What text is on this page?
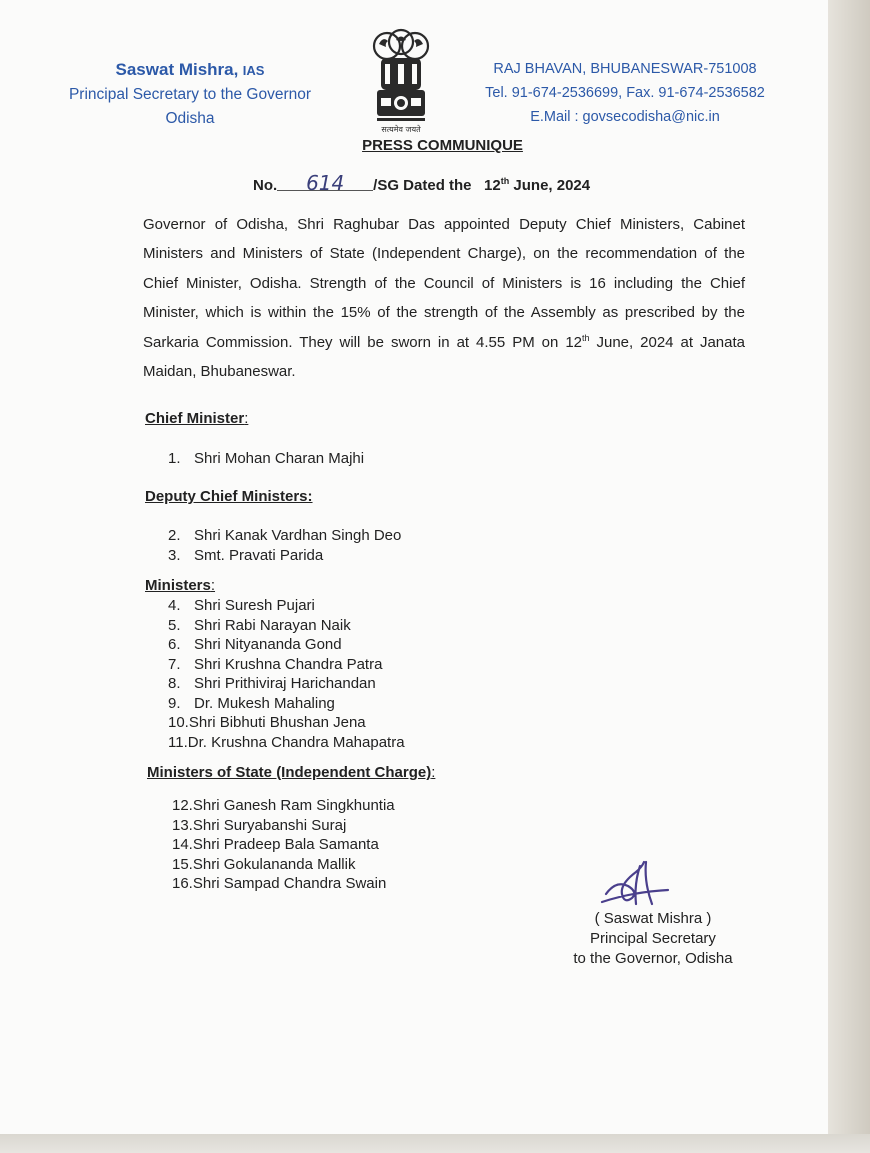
Saswat Mishra, IAS
Principal Secretary to the Governor
Odisha
सत्यमेव जयते
RAJ BHAVAN, BHUBANESWAR-751008
Tel. 91-674-2536699, Fax. 91-674-2536582
E.Mail : govsecodisha@nic.in
PRESS COMMUNIQUE
No. 614 /SG Dated the 12th June, 2024
Governor of Odisha, Shri Raghubar Das appointed Deputy Chief Ministers, Cabinet Ministers and Ministers of State (Independent Charge), on the recommendation of the Chief Minister, Odisha. Strength of the Council of Ministers is 16 including the Chief Minister, which is within the 15% of the strength of the Assembly as prescribed by the Sarkaria Commission. They will be sworn in at 4.55 PM on 12th June, 2024 at Janata Maidan, Bhubaneswar.
Chief Minister:
1. Shri Mohan Charan Majhi
Deputy Chief Ministers:
2. Shri Kanak Vardhan Singh Deo
3. Smt. Pravati Parida
Ministers:
4. Shri Suresh Pujari
5. Shri Rabi Narayan Naik
6. Shri Nityananda Gond
7. Shri Krushna Chandra Patra
8. Shri Prithiviraj Harichandan
9. Dr. Mukesh Mahaling
10.Shri Bibhuti Bhushan Jena
11.Dr. Krushna Chandra Mahapatra
Ministers of State (Independent Charge):
12.Shri Ganesh Ram Singkhuntia
13.Shri Suryabanshi Suraj
14.Shri Pradeep Bala Samanta
15.Shri Gokulananda Mallik
16.Shri Sampad Chandra Swain
( Saswat Mishra )
Principal Secretary
to the Governor, Odisha
